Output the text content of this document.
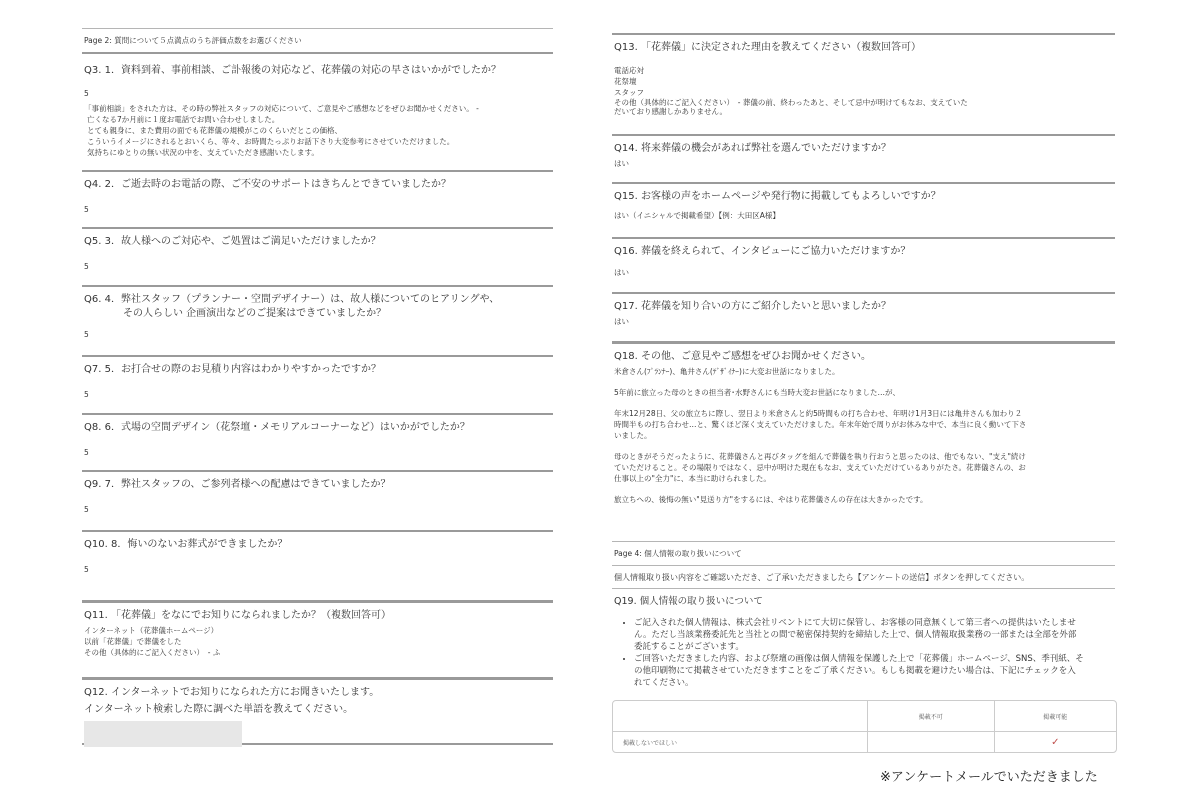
Page 2: 質問について５点満点のうち評価点数をお選びください
Q3. 1．資料到着、事前相談、ご訃報後の対応など、花葬儀の対応の早さはいかがでしたか？
5

「事前相談」をされた方は、その時の弊社スタッフの対応について、ご意見やご感想などをぜひお聞かせください。 -

亡くなる7か月前に１度お電話でお問い合わせしました。

とても親身に、また費用の面でも花葬儀の規模がこのくらいだとこの価格、

こういうイメージにされるとおいくら、等々、お時間たっぷりお話下さり大変参考にさせていただけました。

気持ちにゆとりの無い状況の中を、支えていただき感謝いたします。

Q4. 2．ご逝去時のお電話の際、ご不安のサポートはきちんとできていましたか？
5
Q5. 3．故人様へのご対応や、ご処置はご満足いただけましたか？
5
Q6. 4．弊社スタッフ（プランナー・空間デザイナー）は、故人様についてのヒアリングや、
その人らしい 企画演出などのご提案はできていましたか？
5
Q7. 5．お打合せの際のお見積り内容はわかりやすかったですか？
5
Q8. 6．式場の空間デザイン（花祭壇・メモリアルコーナーなど）はいかがでしたか？
5
Q9. 7．弊社スタッフの、ご参列者様への配慮はできていましたか？
5
Q10. 8．悔いのないお葬式ができましたか？
5
Q11. 「花葬儀」をなにでお知りになられましたか？（複数回答可）

インターネット（花葬儀ホームページ）

以前「花葬儀」で葬儀をした

その他（具体的にご記入ください）　- ふ

Q12. インターネットでお知りになられた方にお聞きいたします。
インターネット検索した際に調べた単語を教えてください。
Q13. 「花葬儀」に決定された理由を教えてください（複数回答可）

電話応対

花祭壇

スタッフ

その他（具体的にご記入ください）　- 葬儀の前、終わったあと、そして忌中が明けてもなお、支えていた

だいており感謝しかありません。

Q14. 将来葬儀の機会があれば弊社を選んでいただけますか？
はい
Q15. お客様の声をホームページや発行物に掲載してもよろしいですか？
はい（イニシャルで掲載希望）【例：大田区A様】
Q16. 葬儀を終えられて、インタビューにご協力いただけますか？
はい
Q17. 花葬儀を知り合いの方にご紹介したいと思いましたか？
はい
Q18. その他、ご意見やご感想をぜひお聞かせください。

米倉さん(ﾌﾟﾗﾝﾅｰ)、亀井さん(ﾃﾞｻﾞｲﾅｰ)に大変お世話になりました。

5年前に旅立った母のときの担当者･水野さんにも当時大変お世話になりました…が、

年末12月28日、父の旅立ちに際し、翌日より米倉さんと約5時間もの打ち合わせ、年明け1月3日には亀井さんも加わり２時間半もの打ち合わせ…と、驚くほど深く支えていただけました。年末年始で周りがお休みな中で、本当に良く動いて下さいました。

母のときがそうだったように、花葬儀さんと再びタッグを組んで葬儀を執り行おうと思ったのは、他でもない、"支え"続けていただけること。その場限りではなく、忌中が明けた現在もなお、支えていただけているありがたさ。花葬儀さんの、お仕事以上の"全力"に、本当に助けられました。

旅立ちへの、後悔の無い"見送り方"をするには、やはり花葬儀さんの存在は大きかったです。

Page 4: 個人情報の取り扱いについて
個人情報取り扱い内容をご確認いただき、ご了承いただきましたら【アンケートの送信】ボタンを押してください。
Q19. 個人情報の取り扱いについて
• ご記入された個人情報は、株式会社リベントにて大切に保管し、お客様の同意無くして第三者への提供はいたしません。ただし当該業務委託先と当社との間で秘密保持契約を締結した上で、個人情報取扱業務の一部または全部を外部委託することがございます。
• ご回答いただきました内容、および祭壇の画像は個人情報を保護した上で「花葬儀」ホームページ、SNS、季刊紙、その他印刷物にて掲載させていただきますことをご了承ください。もしも掲載を避けたい場合は、下記にチェックを入れてください。
	掲載不可	掲載可能
掲載しないでほしい		✓
※アンケートメールでいただきました
